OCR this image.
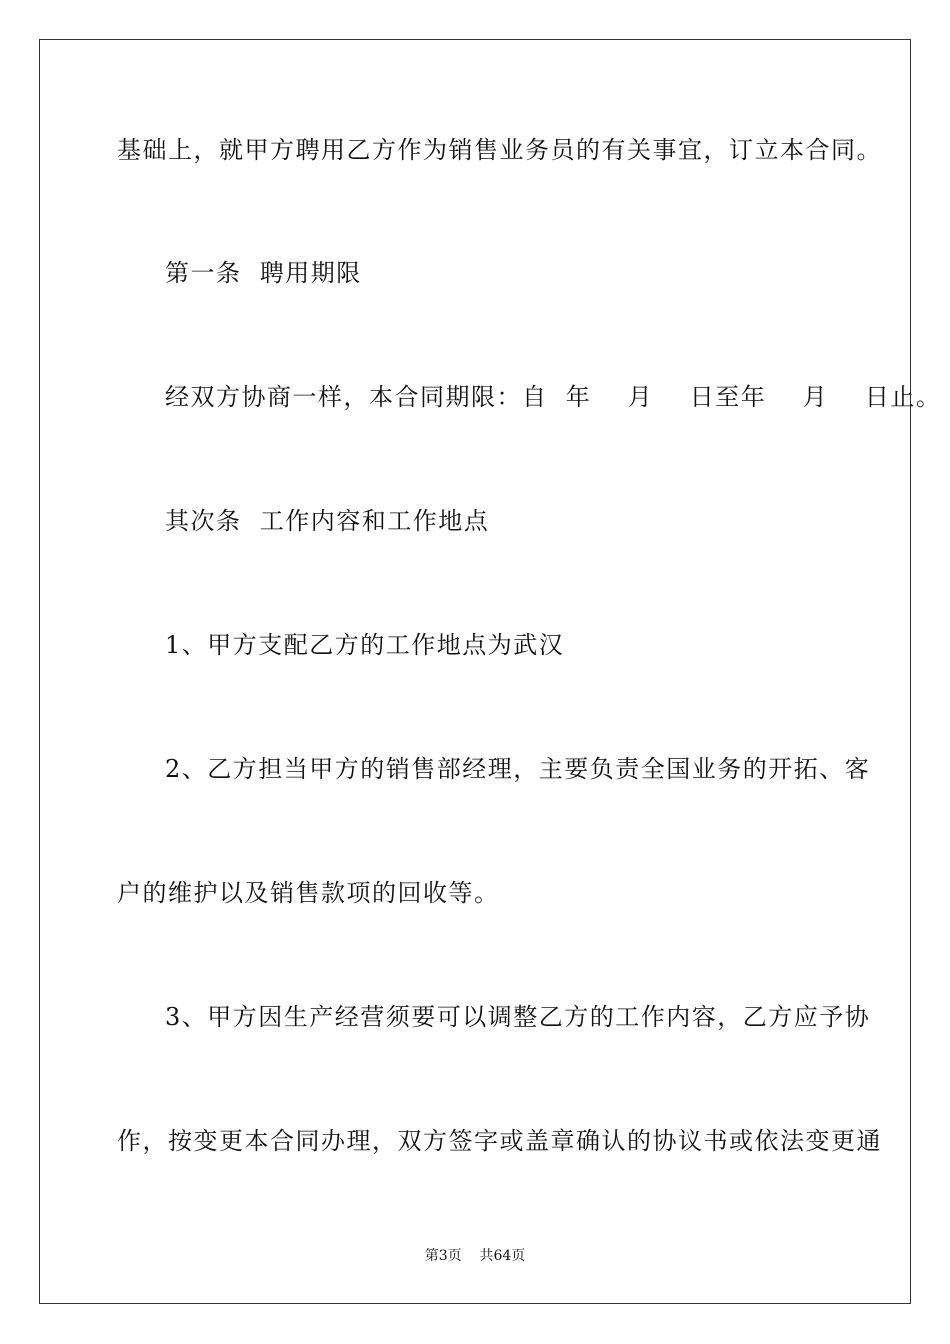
基础上，就甲方聘用乙方作为销售业务员的有关事宜，订立本合同。
第一条  聘用期限
经双方协商一样，本合同期限：自  年    月    日至年    月    日止。
其次条  工作内容和工作地点
1、甲方支配乙方的工作地点为武汉
2、乙方担当甲方的销售部经理，主要负责全国业务的开拓、客
户的维护以及销售款项的回收等。
3、甲方因生产经营须要可以调整乙方的工作内容，乙方应予协
作，按变更本合同办理，双方签字或盖章确认的协议书或依法变更通
第3页 共64页
